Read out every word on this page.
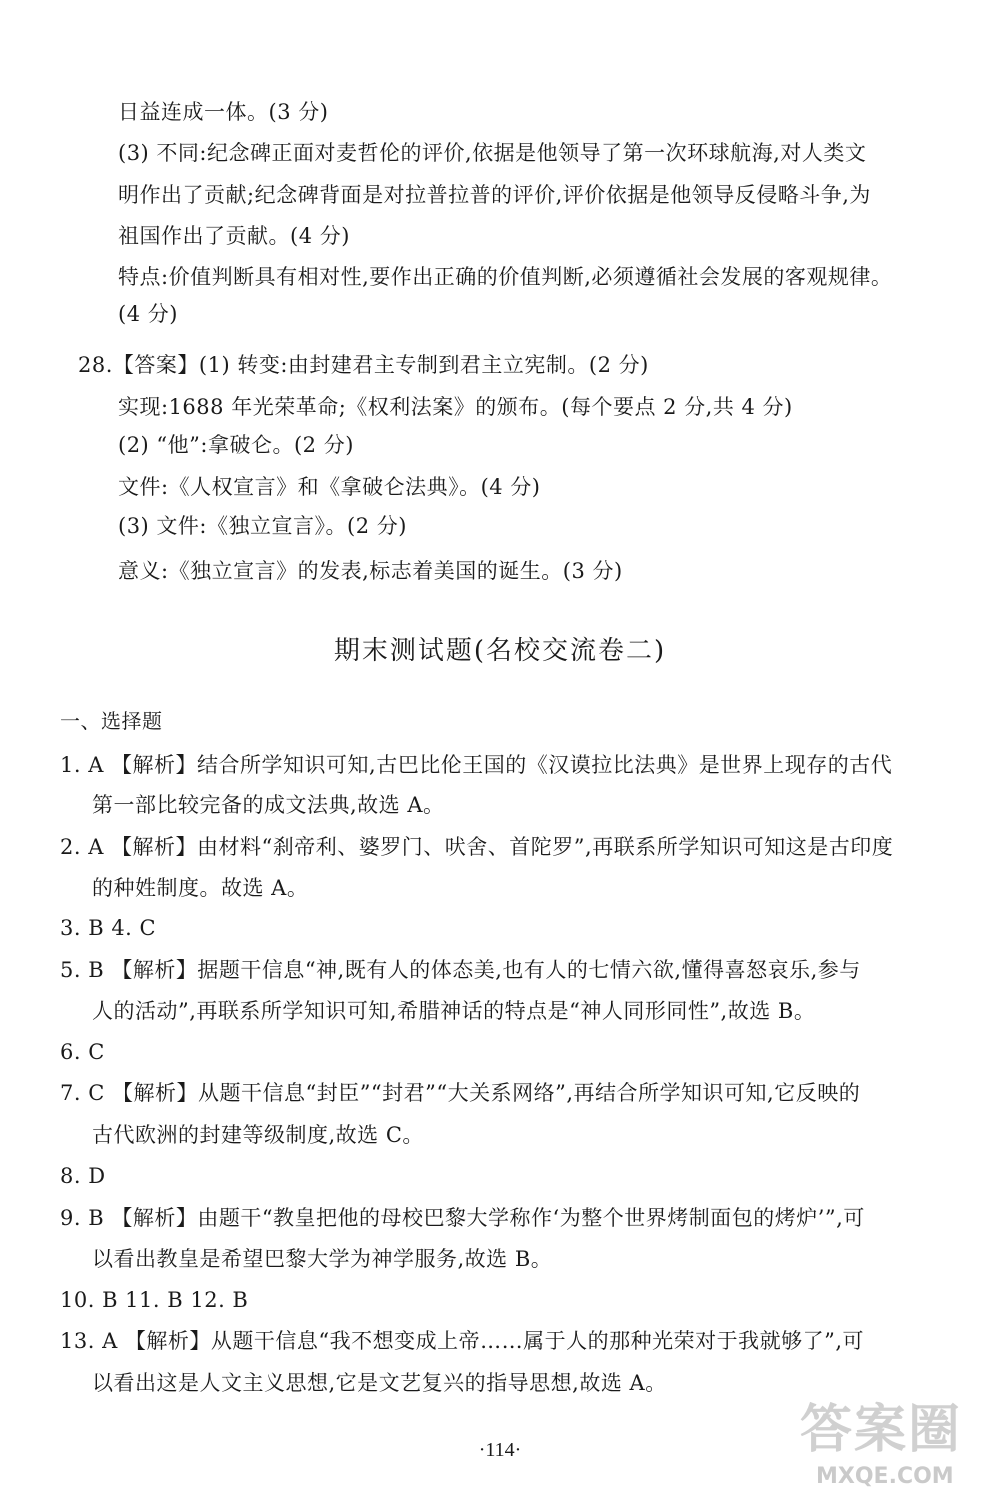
日益连成一体。(3 分)
(3) 不同:纪念碑正面对麦哲伦的评价,依据是他领导了第一次环球航海,对人类文
明作出了贡献;纪念碑背面是对拉普拉普的评价,评价依据是他领导反侵略斗争,为
祖国作出了贡献。(4 分)
特点:价值判断具有相对性,要作出正确的价值判断,必须遵循社会发展的客观规律。
(4 分)
28.【答案】(1) 转变:由封建君主专制到君主立宪制。(2 分)
实现:1688 年光荣革命;《权利法案》的颁布。(每个要点 2 分,共 4 分)
(2) “他”:拿破仑。(2 分)
文件:《人权宣言》和《拿破仑法典》。(4 分)
(3) 文件:《独立宣言》。(2 分)
意义:《独立宣言》的发表,标志着美国的诞生。(3 分)
期末测试题(名校交流卷二)
一、选择题
1. A 【解析】结合所学知识可知,古巴比伦王国的《汉谟拉比法典》是世界上现存的古代
第一部比较完备的成文法典,故选 A。
2. A 【解析】由材料“刹帝利、婆罗门、吠舍、首陀罗”,再联系所学知识可知这是古印度
的种姓制度。故选 A。
3. B 4. C
5. B 【解析】据题干信息“神,既有人的体态美,也有人的七情六欲,懂得喜怒哀乐,参与
人的活动”,再联系所学知识可知,希腊神话的特点是“神人同形同性”,故选 B。
6. C
7. C 【解析】从题干信息“封臣”“封君”“大关系网络”,再结合所学知识可知,它反映的
古代欧洲的封建等级制度,故选 C。
8. D
9. B 【解析】由题干“教皇把他的母校巴黎大学称作‘为整个世界烤制面包的烤炉’”,可
以看出教皇是希望巴黎大学为神学服务,故选 B。
10. B 11. B 12. B
13. A 【解析】从题干信息“我不想变成上帝……属于人的那种光荣对于我就够了”,可
以看出这是人文主义思想,它是文艺复兴的指导思想,故选 A。
·114·	答案圈
MXQE.COM
